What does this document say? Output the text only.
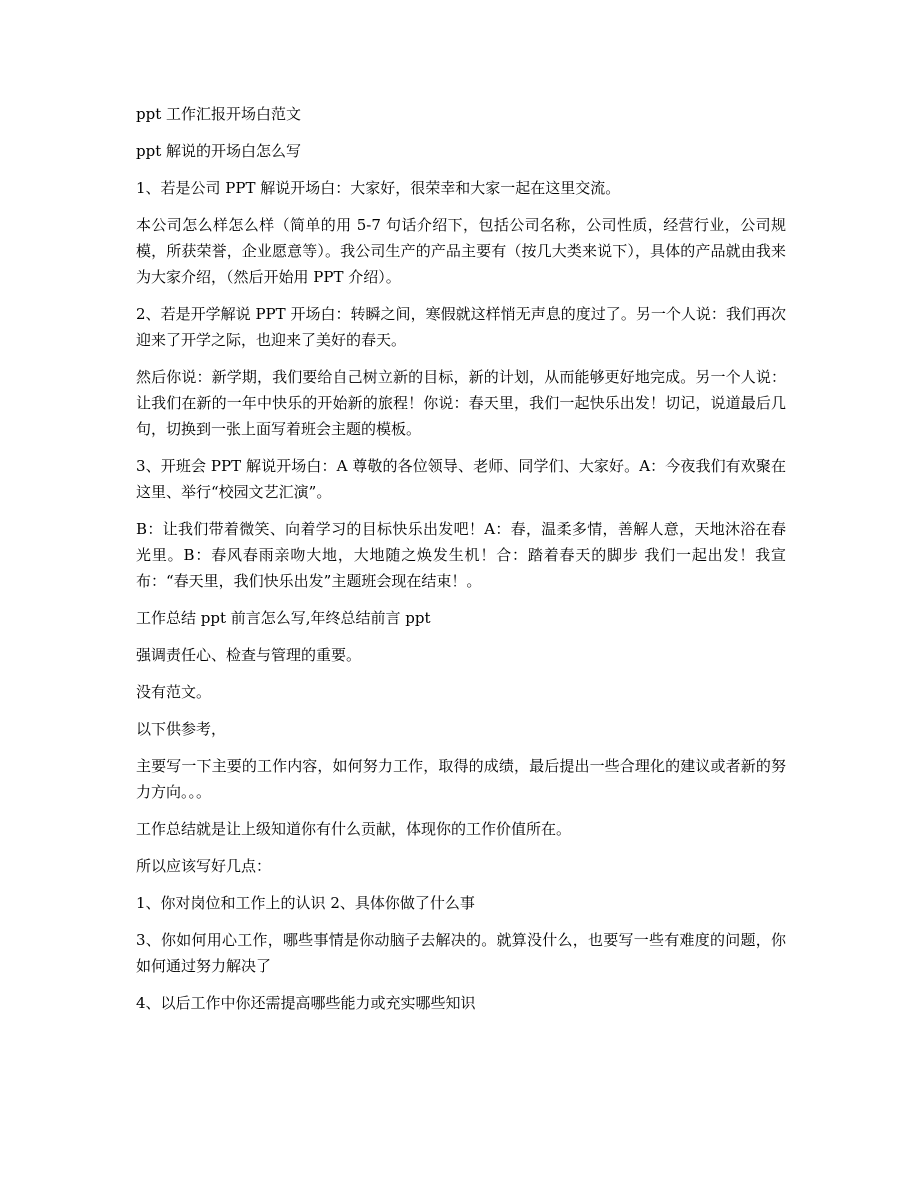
ppt 工作汇报开场白范文

ppt 解说的开场白怎么写

1、若是公司 PPT 解说开场白：大家好，很荣幸和大家一起在这里交流。

本公司怎么样怎么样（简单的用 5-7 句话介绍下，包括公司名称，公司性质，经营行业，公司规模，所获荣誉，企业愿意等）。我公司生产的产品主要有（按几大类来说下），具体的产品就由我来为大家介绍，（然后开始用 PPT 介绍）。

2、若是开学解说 PPT 开场白：转瞬之间，寒假就这样悄无声息的度过了。另一个人说：我们再次迎来了开学之际，也迎来了美好的春天。

然后你说：新学期，我们要给自己树立新的目标，新的计划，从而能够更好地完成。另一个人说：让我们在新的一年中快乐的开始新的旅程！你说：春天里，我们一起快乐出发！切记，说道最后几句，切换到一张上面写着班会主题的模板。

3、开班会 PPT 解说开场白：A 尊敬的各位领导、老师、同学们、大家好。A：今夜我们有欢聚在这里、举行“校园文艺汇演”。

B：让我们带着微笑、向着学习的目标快乐出发吧！A：春，温柔多情，善解人意，天地沐浴在春光里。B：春风春雨亲吻大地，大地随之焕发生机！合：踏着春天的脚步 我们一起出发！我宣布：“春天里，我们快乐出发”主题班会现在结束！。

工作总结 ppt 前言怎么写,年终总结前言 ppt

强调责任心、检查与管理的重要。

没有范文。

以下供参考，

主要写一下主要的工作内容，如何努力工作，取得的成绩，最后提出一些合理化的建议或者新的努力方向。。。

工作总结就是让上级知道你有什么贡献，体现你的工作价值所在。

所以应该写好几点：

1、你对岗位和工作上的认识 2、具体你做了什么事

3、你如何用心工作，哪些事情是你动脑子去解决的。就算没什么，也要写一些有难度的问题，你如何通过努力解决了

4、以后工作中你还需提高哪些能力或充实哪些知识
